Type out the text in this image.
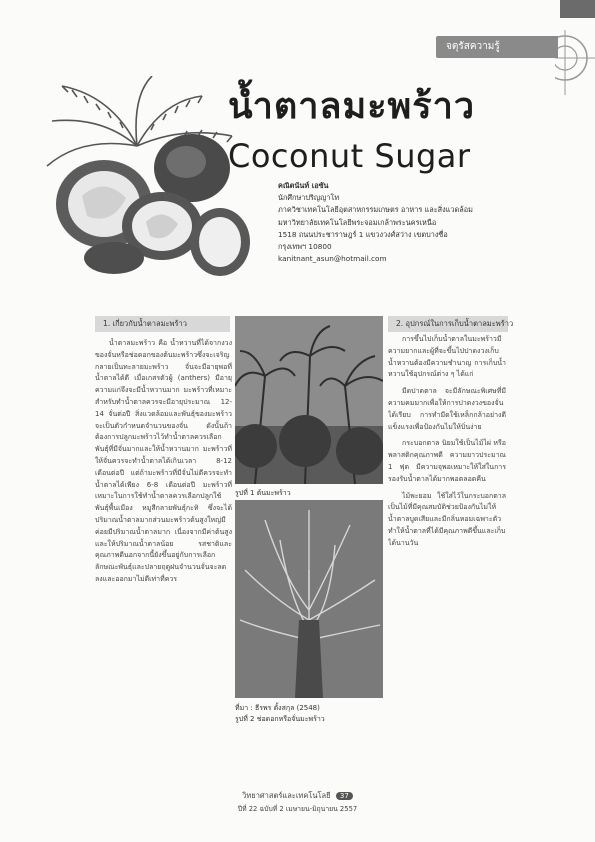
จตุรัสความรู้
น้ำตาลมะพร้าว
Coconut Sugar
คณิตนันท์ เอซัน
นักศึกษาปริญญาโท
ภาควิชาเทคโนโลยีอุตสาหกรรมเกษตร อาหาร และสิ่งแวดล้อม
มหาวิทยาลัยเทคโนโลยีพระจอมเกล้าพระนครเหนือ
1518 ถนนประชาราษฎร์ 1 แขวงวงศ์สว่าง เขตบางซื่อ
กรุงเทพฯ 10800
kanitnant_asun@hotmail.com
1. เกี่ยวกับน้ำตาลมะพร้าว

น้ำตาลมะพร้าว คือ น้ำหวานที่ได้จากงวงของจั่นหรือช่อดอกของต้นมะพร้าวซึ่งจะเจริญกลายเป็นทะลายมะพร้าว จั่นจะมีอายุพอที่น้ำตาลได้ดี เมื่อเกสรตัวผู้ (anthers) มีอายุความแก่จึงจะมีน้ำหวานมาก มะพร้าวที่เหมาะสำหรับทำน้ำตาลควรจะมีอายุประมาณ 12-14 จั่นต่อปี สิ่งแวดล้อมและพันธุ์ของมะพร้าวจะเป็นตัวกำหนดจำนวนของจั่น ดังนั้นถ้าต้องการปลูกมะพร้าวไว้ทำน้ำตาลควรเลือกพันธุ์ที่มีจั่นมากและให้น้ำหวานมาก มะพร้าวที่ให้จั่นควรจะทำน้ำตาลได้เกินเวลา 8-12 เดือนต่อปี แต่ถ้ามะพร้าวที่มีจั่นไม่ดีควรจะทำน้ำตาลได้เพียง 6-8 เดือนต่อปี มะพร้าวที่เหมาะในการใช้ทำน้ำตาลควรเลือกปลูกใช้พันธุ์พื้นเมือง หมูสีกลายพันธุ์กะทิ ซึ่งจะได้ปริมาณน้ำตาลมากส่วนมะพร้าวต้นสูงใหญ่มีค่อยมีปริมาณน้ำตาลมาก เนื่องจากมีค่าต้นสูงและให้ปริมาณน้ำตาลน้อย รสชาติและคุณภาพดีนอกจากนี้ยังขึ้นอยู่กับการเลือกลักษณะพันธุ์และปลายฤดูฝนจำนวนจั่นจะลดลงและออกมาไม่ดีเท่าที่ควร

รูปที่ 1 ต้นมะพร้าว
ที่มา : ธีรพร ตั้งสกุล (2548)
รูปที่ 2 ช่อดอกหรือจั่นมะพร้าว
2. อุปกรณ์ในการเก็บน้ำตาลมะพร้าว

การขึ้นไปเก็บน้ำตาลในมะพร้าวมีความยากและผู้ที่จะขึ้นไปปาดงวงเก็บน้ำหวานต้องมีความชำนาญ การเก็บน้ำหวานใช้อุปกรณ์ต่าง ๆ ได้แก่

มีดปาดตาล จะมีลักษณะพิเศษที่มีความคมมากเพื่อให้การปาดงวงของจั่นได้เรียบ การทำมีดใช้เหล็กกล้าอย่างดีแข็งแรงเพื่อป้องกันไม่ให้บิ่นง่าย

กระบอกตาล นิยมใช้เป็นไม้ไผ่ หรือพลาสติกคุณภาพดี ความยาวประมาณ 1 ฟุต มีความจุพอเหมาะให้ใส่ในการรองรับน้ำตาลได้มากพอตลอดคืน

ไม้พะยอม ใช้ใส่ไว้ในกระบอกตาล เป็นไม้ที่มีคุณสมบัติช่วยป้องกันไม่ให้น้ำตาลบูดเสียและมีกลิ่นหอมเฉพาะตัว ทำให้น้ำตาลที่ได้มีคุณภาพดีขึ้นและเก็บได้นานวัน

วิทยาศาสตร์และเทคโนโลยี 37
ปีที่ 22 ฉบับที่ 2 เมษายน-มิถุนายน 2557
